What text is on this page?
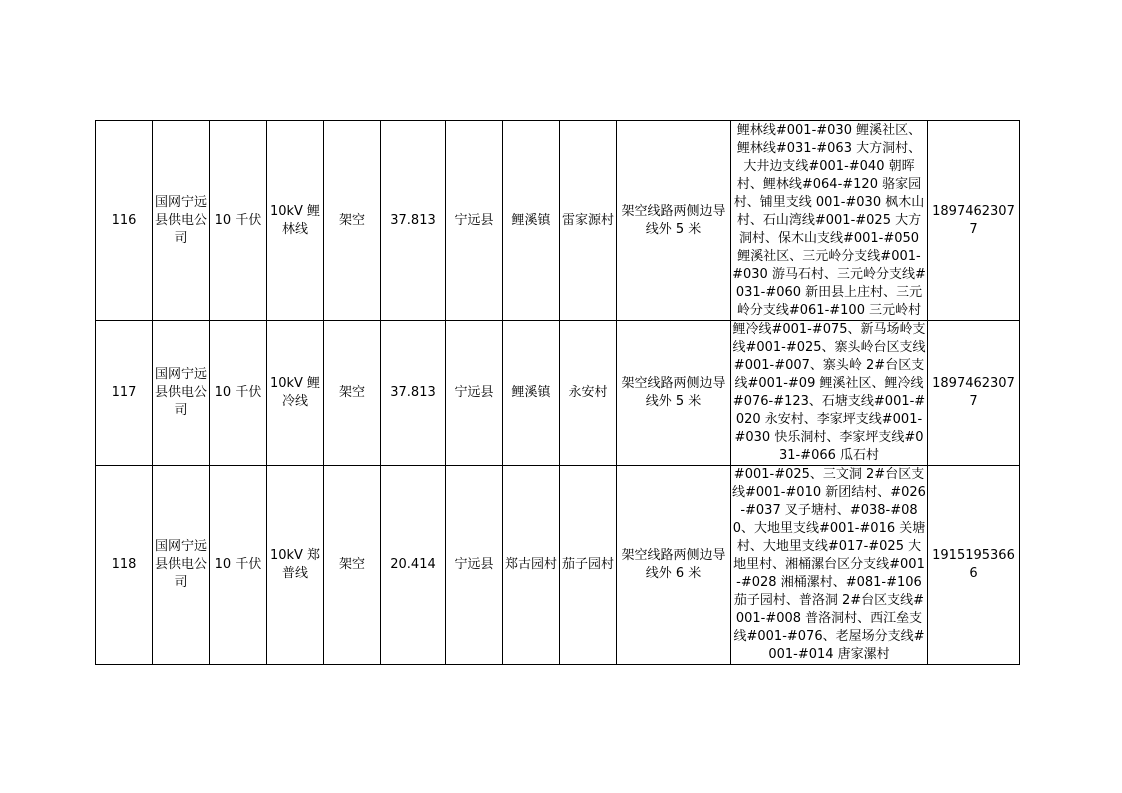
116	国网宁远县供电公司	10 千伏	10kV 鲤林线	架空	37.813	宁远县	鲤溪镇	雷家源村	架空线路两侧边导线外 5 米	鲤林线#001-#030 鲤溪社区、鲤林线#031-#063 大方洞村、大井边支线#001-#040 朝晖村、鲤林线#064-#120 骆家园村、铺里支线 001-#030 枫木山村、石山湾线#001-#025 大方洞村、保木山支线#001-#050 鲤溪社区、三元岭分支线#001-#030 游马石村、三元岭分支线#031-#060 新田县上庄村、三元岭分支线#061-#100 三元岭村	18974623077
117	国网宁远县供电公司	10 千伏	10kV 鲤冷线	架空	37.813	宁远县	鲤溪镇	永安村	架空线路两侧边导线外 5 米	鲤冷线#001-#075、新马场岭支线#001-#025、寨头岭台区支线#001-#007、寨头岭 2#台区支线#001-#09 鲤溪社区、鲤冷线#076-#123、石塘支线#001-#020 永安村、李家坪支线#001-#030 快乐洞村、李家坪支线#031-#066 瓜石村	18974623077
118	国网宁远县供电公司	10 千伏	10kV 郑普线	架空	20.414	宁远县	郑古园村	茄子园村	架空线路两侧边导线外 6 米	#001-#025、三文洞 2#台区支线#001-#010 新团结村、#026-#037 叉子塘村、#038-#080、大地里支线#001-#016 关塘村、大地里支线#017-#025 大地里村、湘桶漯台区分支线#001-#028 湘桶漯村、#081-#106 茄子园村、普洛洞 2#台区支线#001-#008 普洛洞村、西江垒支线#001-#076、老屋场分支线#001-#014 唐家漯村	19151953666
